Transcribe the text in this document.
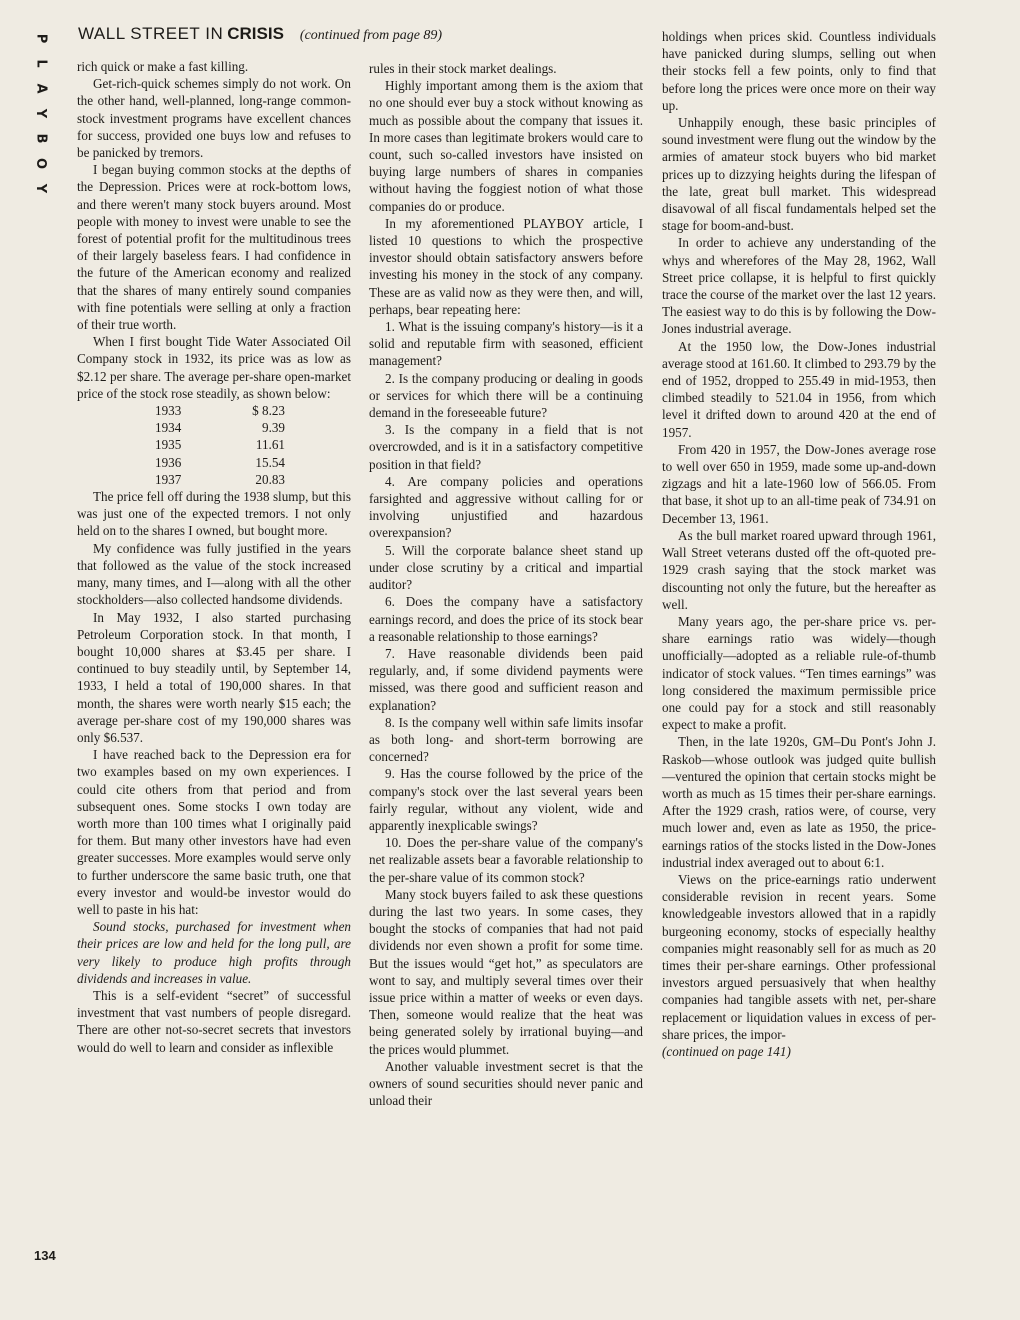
P
L
A
Y
B
O
Y
WALL STREET IN CRISIS (continued from page 89)

rich quick or make a fast killing.

Get-rich-quick schemes simply do not work. On the other hand, well-planned, long-range common-stock investment programs have excellent chances for success, provided one buys low and refuses to be panicked by tremors.

I began buying common stocks at the depths of the Depression. Prices were at rock-bottom lows, and there weren't many stock buyers around. Most people with money to invest were unable to see the forest of potential profit for the multitudinous trees of their largely baseless fears. I had confidence in the future of the American economy and realized that the shares of many entirely sound companies with fine potentials were selling at only a fraction of their true worth.

When I first bought Tide Water Associated Oil Company stock in 1932, its price was as low as $2.12 per share. The average per-share open-market price of the stock rose steadily, as shown below:

1933	$ 8.23
1934	9.39
1935	11.61
1936	15.54
1937	20.83

The price fell off during the 1938 slump, but this was just one of the expected tremors. I not only held on to the shares I owned, but bought more.

My confidence was fully justified in the years that followed as the value of the stock increased many, many times, and I—along with all the other stockholders—also collected handsome dividends.

In May 1932, I also started purchasing Petroleum Corporation stock. In that month, I bought 10,000 shares at $3.45 per share. I continued to buy steadily until, by September 14, 1933, I held a total of 190,000 shares. In that month, the shares were worth nearly $15 each; the average per-share cost of my 190,000 shares was only $6.537.

I have reached back to the Depression era for two examples based on my own experiences. I could cite others from that period and from subsequent ones. Some stocks I own today are worth more than 100 times what I originally paid for them. But many other investors have had even greater successes. More examples would serve only to further underscore the same basic truth, one that every investor and would-be investor would do well to paste in his hat:

Sound stocks, purchased for investment when their prices are low and held for the long pull, are very likely to produce high profits through dividends and increases in value.

This is a self-evident “secret” of successful investment that vast numbers of people disregard. There are other not-so-secret secrets that investors would do well to learn and consider as inflexible

rules in their stock market dealings.

Highly important among them is the axiom that no one should ever buy a stock without knowing as much as possible about the company that issues it. In more cases than legitimate brokers would care to count, such so-called investors have insisted on buying large numbers of shares in companies without having the foggiest notion of what those companies do or produce.

In my aforementioned PLAYBOY article, I listed 10 questions to which the prospective investor should obtain satisfactory answers before investing his money in the stock of any company. These are as valid now as they were then, and will, perhaps, bear repeating here:

1. What is the issuing company's history—is it a solid and reputable firm with seasoned, efficient management?

2. Is the company producing or dealing in goods or services for which there will be a continuing demand in the foreseeable future?

3. Is the company in a field that is not overcrowded, and is it in a satisfactory competitive position in that field?

4. Are company policies and operations farsighted and aggressive without calling for or involving unjustified and hazardous overexpansion?

5. Will the corporate balance sheet stand up under close scrutiny by a critical and impartial auditor?

6. Does the company have a satisfactory earnings record, and does the price of its stock bear a reasonable relationship to those earnings?

7. Have reasonable dividends been paid regularly, and, if some dividend payments were missed, was there good and sufficient reason and explanation?

8. Is the company well within safe limits insofar as both long- and short-term borrowing are concerned?

9. Has the course followed by the price of the company's stock over the last several years been fairly regular, without any violent, wide and apparently inexplicable swings?

10. Does the per-share value of the company's net realizable assets bear a favorable relationship to the per-share value of its common stock?

Many stock buyers failed to ask these questions during the last two years. In some cases, they bought the stocks of companies that had not paid dividends nor even shown a profit for some time. But the issues would “get hot,” as speculators are wont to say, and multiply several times over their issue price within a matter of weeks or even days. Then, someone would realize that the heat was being generated solely by irrational buying—and the prices would plummet.

Another valuable investment secret is that the owners of sound securities should never panic and unload their

holdings when prices skid. Countless individuals have panicked during slumps, selling out when their stocks fell a few points, only to find that before long the prices were once more on their way up.

Unhappily enough, these basic principles of sound investment were flung out the window by the armies of amateur stock buyers who bid market prices up to dizzying heights during the lifespan of the late, great bull market. This widespread disavowal of all fiscal fundamentals helped set the stage for boom-and-bust.

In order to achieve any understanding of the whys and wherefores of the May 28, 1962, Wall Street price collapse, it is helpful to first quickly trace the course of the market over the last 12 years. The easiest way to do this is by following the Dow-Jones industrial average.

At the 1950 low, the Dow-Jones industrial average stood at 161.60. It climbed to 293.79 by the end of 1952, dropped to 255.49 in mid-1953, then climbed steadily to 521.04 in 1956, from which level it drifted down to around 420 at the end of 1957.

From 420 in 1957, the Dow-Jones average rose to well over 650 in 1959, made some up-and-down zigzags and hit a late-1960 low of 566.05. From that base, it shot up to an all-time peak of 734.91 on December 13, 1961.

As the bull market roared upward through 1961, Wall Street veterans dusted off the oft-quoted pre-1929 crash saying that the stock market was discounting not only the future, but the hereafter as well.

Many years ago, the per-share price vs. per-share earnings ratio was widely—though unofficially—adopted as a reliable rule-of-thumb indicator of stock values. “Ten times earnings” was long considered the maximum permissible price one could pay for a stock and still reasonably expect to make a profit.

Then, in the late 1920s, GM–Du Pont's John J. Raskob—whose outlook was judged quite bullish—ventured the opinion that certain stocks might be worth as much as 15 times their per-share earnings. After the 1929 crash, ratios were, of course, very much lower and, even as late as 1950, the price-earnings ratios of the stocks listed in the Dow-Jones industrial index averaged out to about 6:1.

Views on the price-earnings ratio underwent considerable revision in recent years. Some knowledgeable investors allowed that in a rapidly burgeoning economy, stocks of especially healthy companies might reasonably sell for as much as 20 times their per-share earnings. Other professional investors argued persuasively that when healthy companies had tangible assets with net, per-share replacement or liquidation values in excess of per-share prices, the impor-

(continued on page 141)

134
